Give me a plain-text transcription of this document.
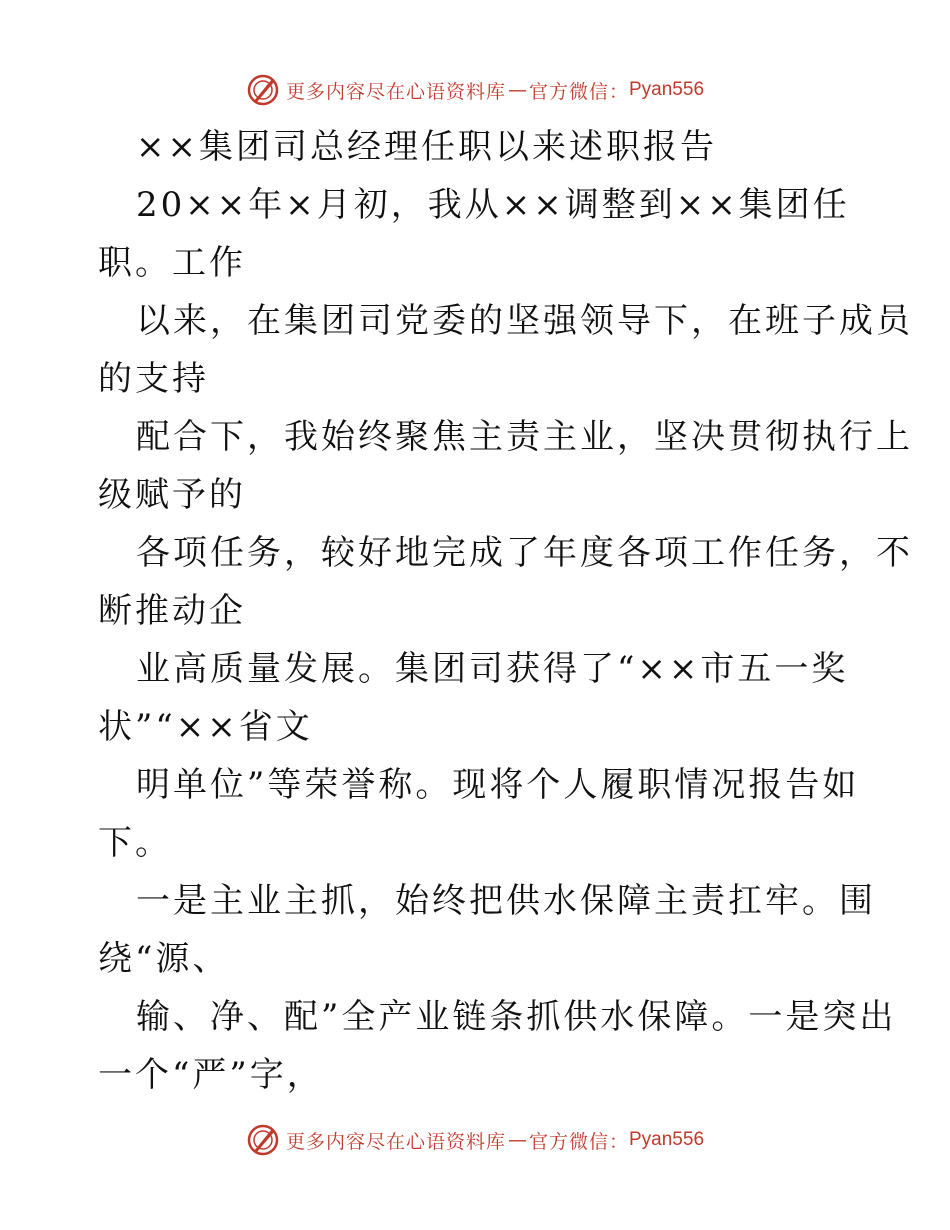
更多内容尽在心语资料库 — 官方微信： Pyan556
××集团司总经理任职以来述职报告
20××年×月初，我从××调整到××集团任
职。工作
以来，在集团司党委的坚强领导下，在班子成员
的支持
配合下，我始终聚焦主责主业，坚决贯彻执行上
级赋予的
各项任务，较好地完成了年度各项工作任务，不
断推动企
业高质量发展。集团司获得了“××市五一奖
状”“××省文
明单位”等荣誉称。现将个人履职情况报告如
下。
一是主业主抓，始终把供水保障主责扛牢。围
绕“源、
输、净、配”全产业链条抓供水保障。一是突出
一个“严”字，
更多内容尽在心语资料库 — 官方微信： Pyan556
